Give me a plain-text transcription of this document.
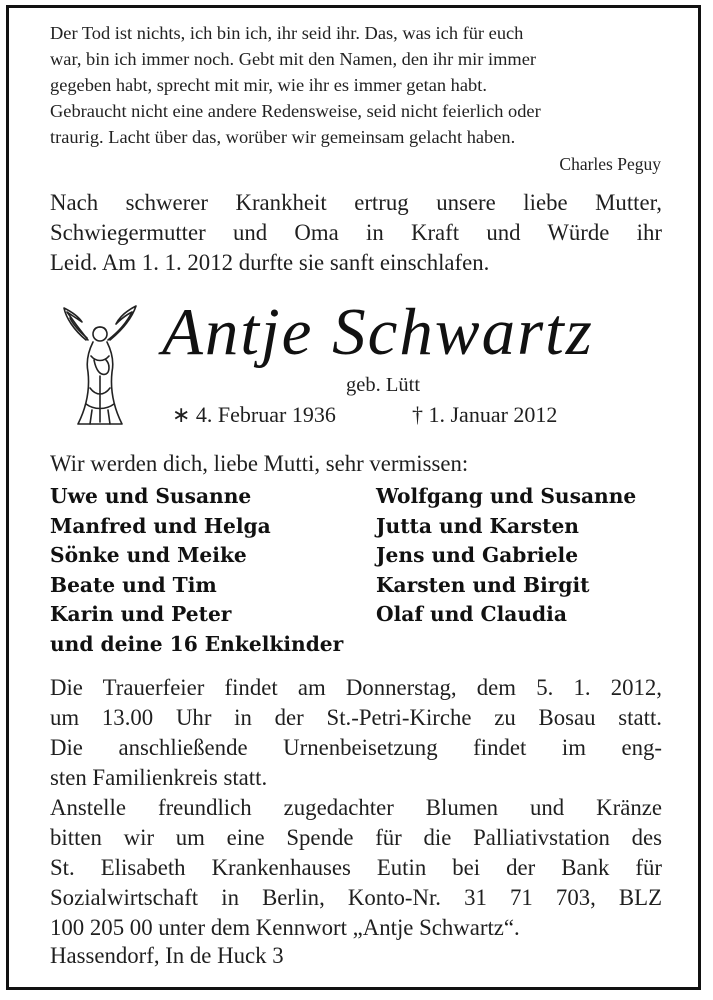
Der Tod ist nichts, ich bin ich, ihr seid ihr. Das, was ich für euch
war, bin ich immer noch. Gebt mit den Namen, den ihr mir immer
gegeben habt, sprecht mit mir, wie ihr es immer getan habt.
Gebraucht nicht eine andere Redensweise, seid nicht feierlich oder
traurig. Lacht über das, worüber wir gemeinsam gelacht haben.
Charles Peguy
Nach schwerer Krankheit ertrug unsere liebe Mutter,
Schwiegermutter und Oma in Kraft und Würde ihr
Leid. Am 1. 1. 2012 durfte sie sanft einschlafen.
Antje Schwartz
geb. Lütt
∗ 4. Februar 1936	† 1. Januar 2012
Wir werden dich, liebe Mutti, sehr vermissen:
Uwe und Susanne
Manfred und Helga
Sönke und Meike
Beate und Tim
Karin und Peter
Wolfgang und Susanne
Jutta und Karsten
Jens und Gabriele
Karsten und Birgit
Olaf und Claudia
und deine 16 Enkelkinder
Die Trauerfeier findet am Donnerstag, dem 5. 1. 2012,
um 13.00 Uhr in der St.-Petri-Kirche zu Bosau statt.
Die anschließende Urnenbeisetzung findet im eng-
sten Familienkreis statt.
Anstelle freundlich zugedachter Blumen und Kränze
bitten wir um eine Spende für die Palliativstation des
St. Elisabeth Krankenhauses Eutin bei der Bank für
Sozialwirtschaft in Berlin, Konto-Nr. 31 71 703, BLZ
100 205 00 unter dem Kennwort „Antje Schwartz“.
Hassendorf, In de Huck 3
